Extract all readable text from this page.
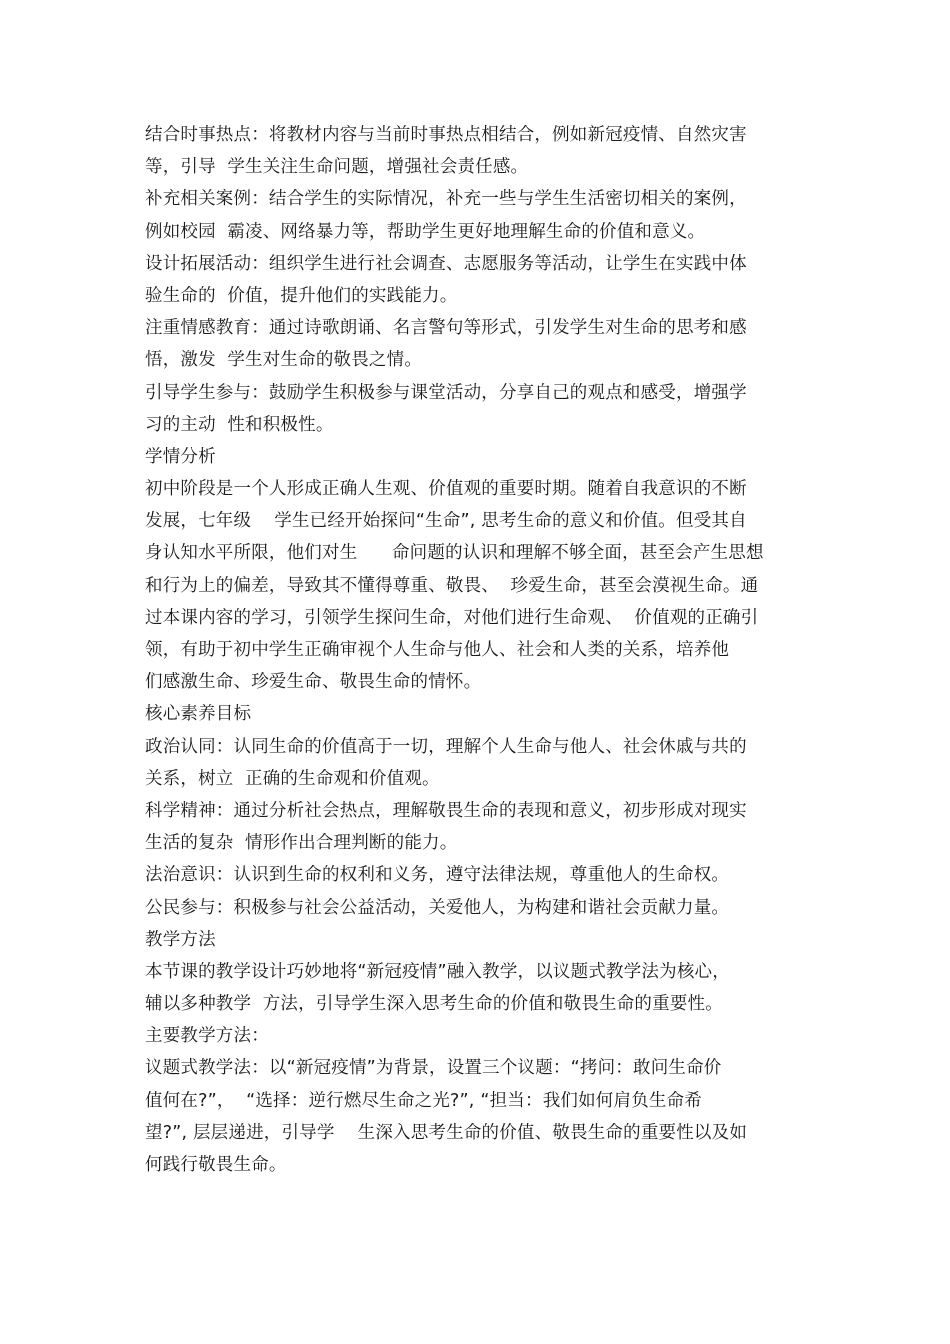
结合时事热点：将教材内容与当前时事热点相结合，例如新冠疫情、自然灾害
等，引导  学生关注生命问题，增强社会责任感。
补充相关案例：结合学生的实际情况，补充一些与学生生活密切相关的案例，
例如校园  霸凌、网络暴力等，帮助学生更好地理解生命的价值和意义。
设计拓展活动：组织学生进行社会调查、志愿服务等活动，让学生在实践中体
验生命的  价值，提升他们的实践能力。
注重情感教育：通过诗歌朗诵、名言警句等形式，引发学生对生命的思考和感
悟，激发  学生对生命的敬畏之情。
引导学生参与：鼓励学生积极参与课堂活动，分享自己的观点和感受，增强学
习的主动  性和积极性。
学情分析
初中阶段是一个人形成正确人生观、价值观的重要时期。随着自我意识的不断
发展，七年级    学生已经开始探问“生命”, 思考生命的意义和价值。但受其自
身认知水平所限，他们对生      命问题的认识和理解不够全面，甚至会产生思想
和行为上的偏差，导致其不懂得尊重、敬畏、  珍爱生命，甚至会漠视生命。通
过本课内容的学习，引领学生探问生命，对他们进行生命观、  价值观的正确引
领，有助于初中学生正确审视个人生命与他人、社会和人类的关系，培养他
们感激生命、珍爱生命、敬畏生命的情怀。
核心素养目标
政治认同：认同生命的价值高于一切，理解个人生命与他人、社会休戚与共的
关系，树立  正确的生命观和价值观。
科学精神：通过分析社会热点，理解敬畏生命的表现和意义，初步形成对现实
生活的复杂  情形作出合理判断的能力。
法治意识：认识到生命的权利和义务，遵守法律法规，尊重他人的生命权。
公民参与：积极参与社会公益活动，关爱他人，为构建和谐社会贡献力量。
教学方法
本节课的教学设计巧妙地将“新冠疫情”融入教学，以议题式教学法为核心，
辅以多种教学  方法，引导学生深入思考生命的价值和敬畏生命的重要性。
主要教学方法：
议题式教学法：以“新冠疫情”为背景，设置三个议题：“拷问：敢问生命价
值何在?”，  “选择：逆行燃尽生命之光?”, “担当：我们如何肩负生命希
望?”, 层层递进，引导学    生深入思考生命的价值、敬畏生命的重要性以及如
何践行敬畏生命。
